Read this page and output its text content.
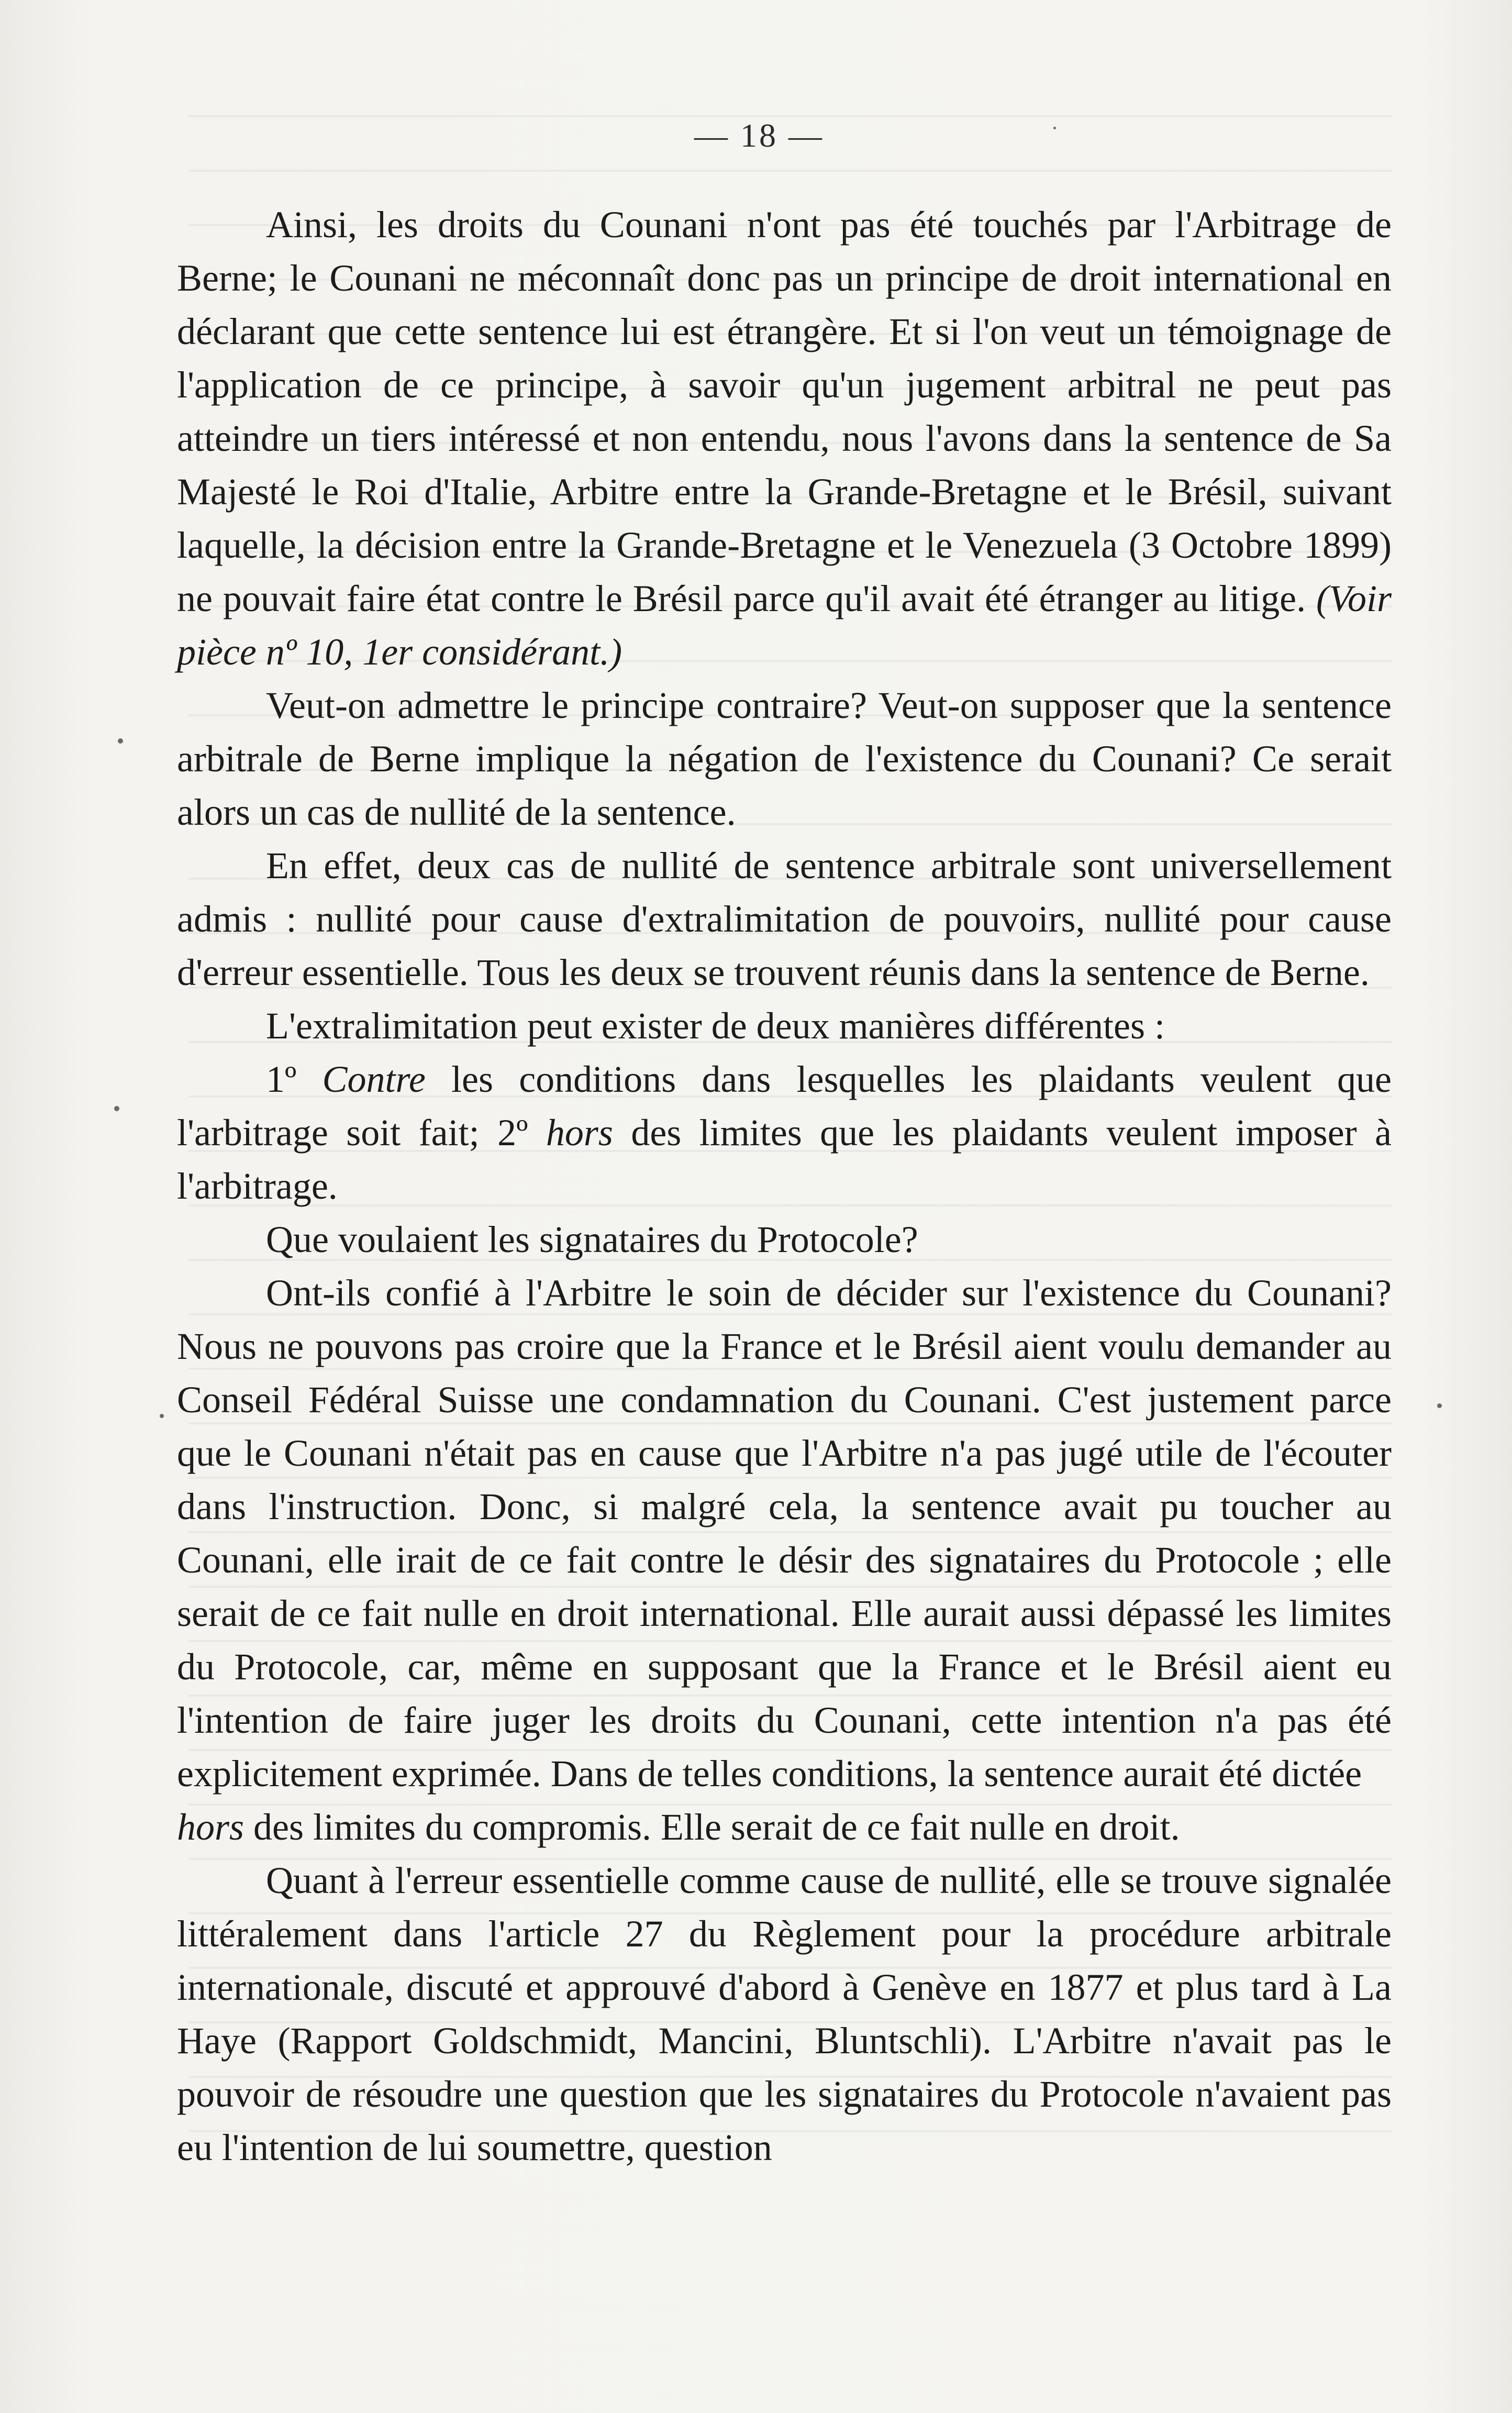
— 18 —

Ainsi, les droits du Counani n'ont pas été touchés par l'Arbitrage de Berne; le Counani ne méconnaît donc pas un principe de droit international en déclarant que cette sentence lui est étrangère. Et si l'on veut un témoignage de l'application de ce principe, à savoir qu'un jugement arbitral ne peut pas atteindre un tiers intéressé et non entendu, nous l'avons dans la sentence de Sa Majesté le Roi d'Italie, Arbitre entre la Grande-Bretagne et le Brésil, suivant laquelle, la décision entre la Grande-Bretagne et le Venezuela (3 Octobre 1899) ne pouvait faire état contre le Brésil parce qu'il avait été étranger au litige. (Voir pièce nº 10, 1er considérant.)

Veut-on admettre le principe contraire? Veut-on supposer que la sentence arbitrale de Berne implique la négation de l'existence du Counani? Ce serait alors un cas de nullité de la sentence.

En effet, deux cas de nullité de sentence arbitrale sont universellement admis : nullité pour cause d'extralimitation de pouvoirs, nullité pour cause d'erreur essentielle. Tous les deux se trouvent réunis dans la sentence de Berne.

L'extralimitation peut exister de deux manières différentes :

1º Contre les conditions dans lesquelles les plaidants veulent que l'arbitrage soit fait; 2º hors des limites que les plaidants veulent imposer à l'arbitrage.

Que voulaient les signataires du Protocole?

Ont-ils confié à l'Arbitre le soin de décider sur l'existence du Counani? Nous ne pouvons pas croire que la France et le Brésil aient voulu demander au Conseil Fédéral Suisse une condamnation du Counani. C'est justement parce que le Counani n'était pas en cause que l'Arbitre n'a pas jugé utile de l'écouter dans l'instruction. Donc, si malgré cela, la sentence avait pu toucher au Counani, elle irait de ce fait contre le désir des signataires du Protocole ; elle serait de ce fait nulle en droit international. Elle aurait aussi dépassé les limites du Protocole, car, même en supposant que la France et le Brésil aient eu l'intention de faire juger les droits du Counani, cette intention n'a pas été explicitement exprimée. Dans de telles conditions, la sentence aurait été dictée

hors des limites du compromis. Elle serait de ce fait nulle en droit.

Quant à l'erreur essentielle comme cause de nullité, elle se trouve signalée littéralement dans l'article 27 du Règlement pour la procédure arbitrale internationale, discuté et approuvé d'abord à Genève en 1877 et plus tard à La Haye (Rapport Goldschmidt, Mancini, Bluntschli). L'Arbitre n'avait pas le pouvoir de résoudre une question que les signataires du Protocole n'avaient pas eu l'intention de lui soumettre, question
